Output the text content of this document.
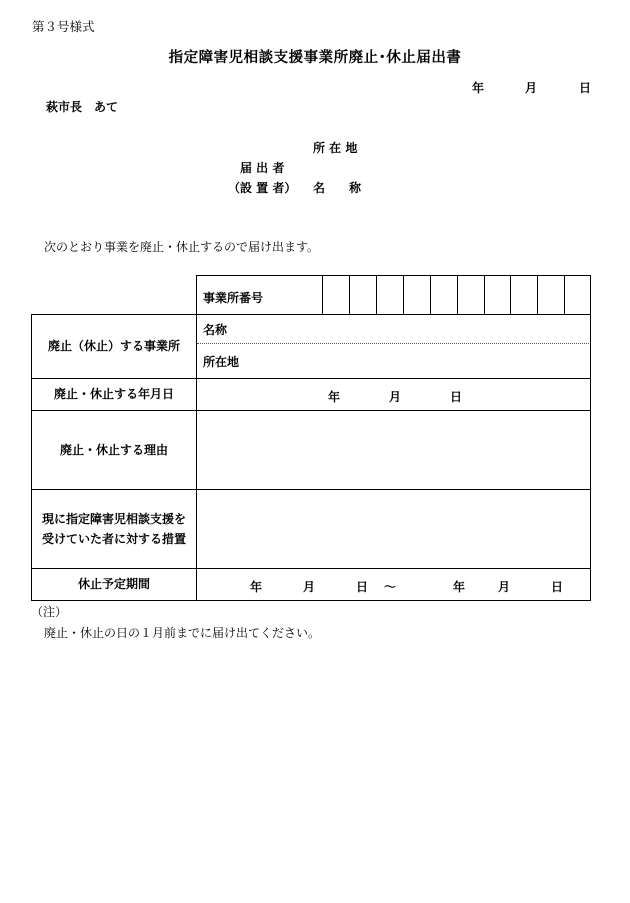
第３号様式
指定障害児相談支援事業所廃止･休止届出書
年	月	日
萩市長　あて
所 在 地
届 出 者
（設 置 者） 名　　称
次のとおり事業を廃止・休止するので届け出ます。
事業所番号
廃止（休止）する事業所
名称
所在地
廃止・休止する年月日	年	月	日
廃止・休止する理由
現に指定障害児相談支援を
受けていた者に対する措置
休止予定期間	年	月	日 〜	年	月	日
（注）
廃止・休止の日の１月前までに届け出てください。
